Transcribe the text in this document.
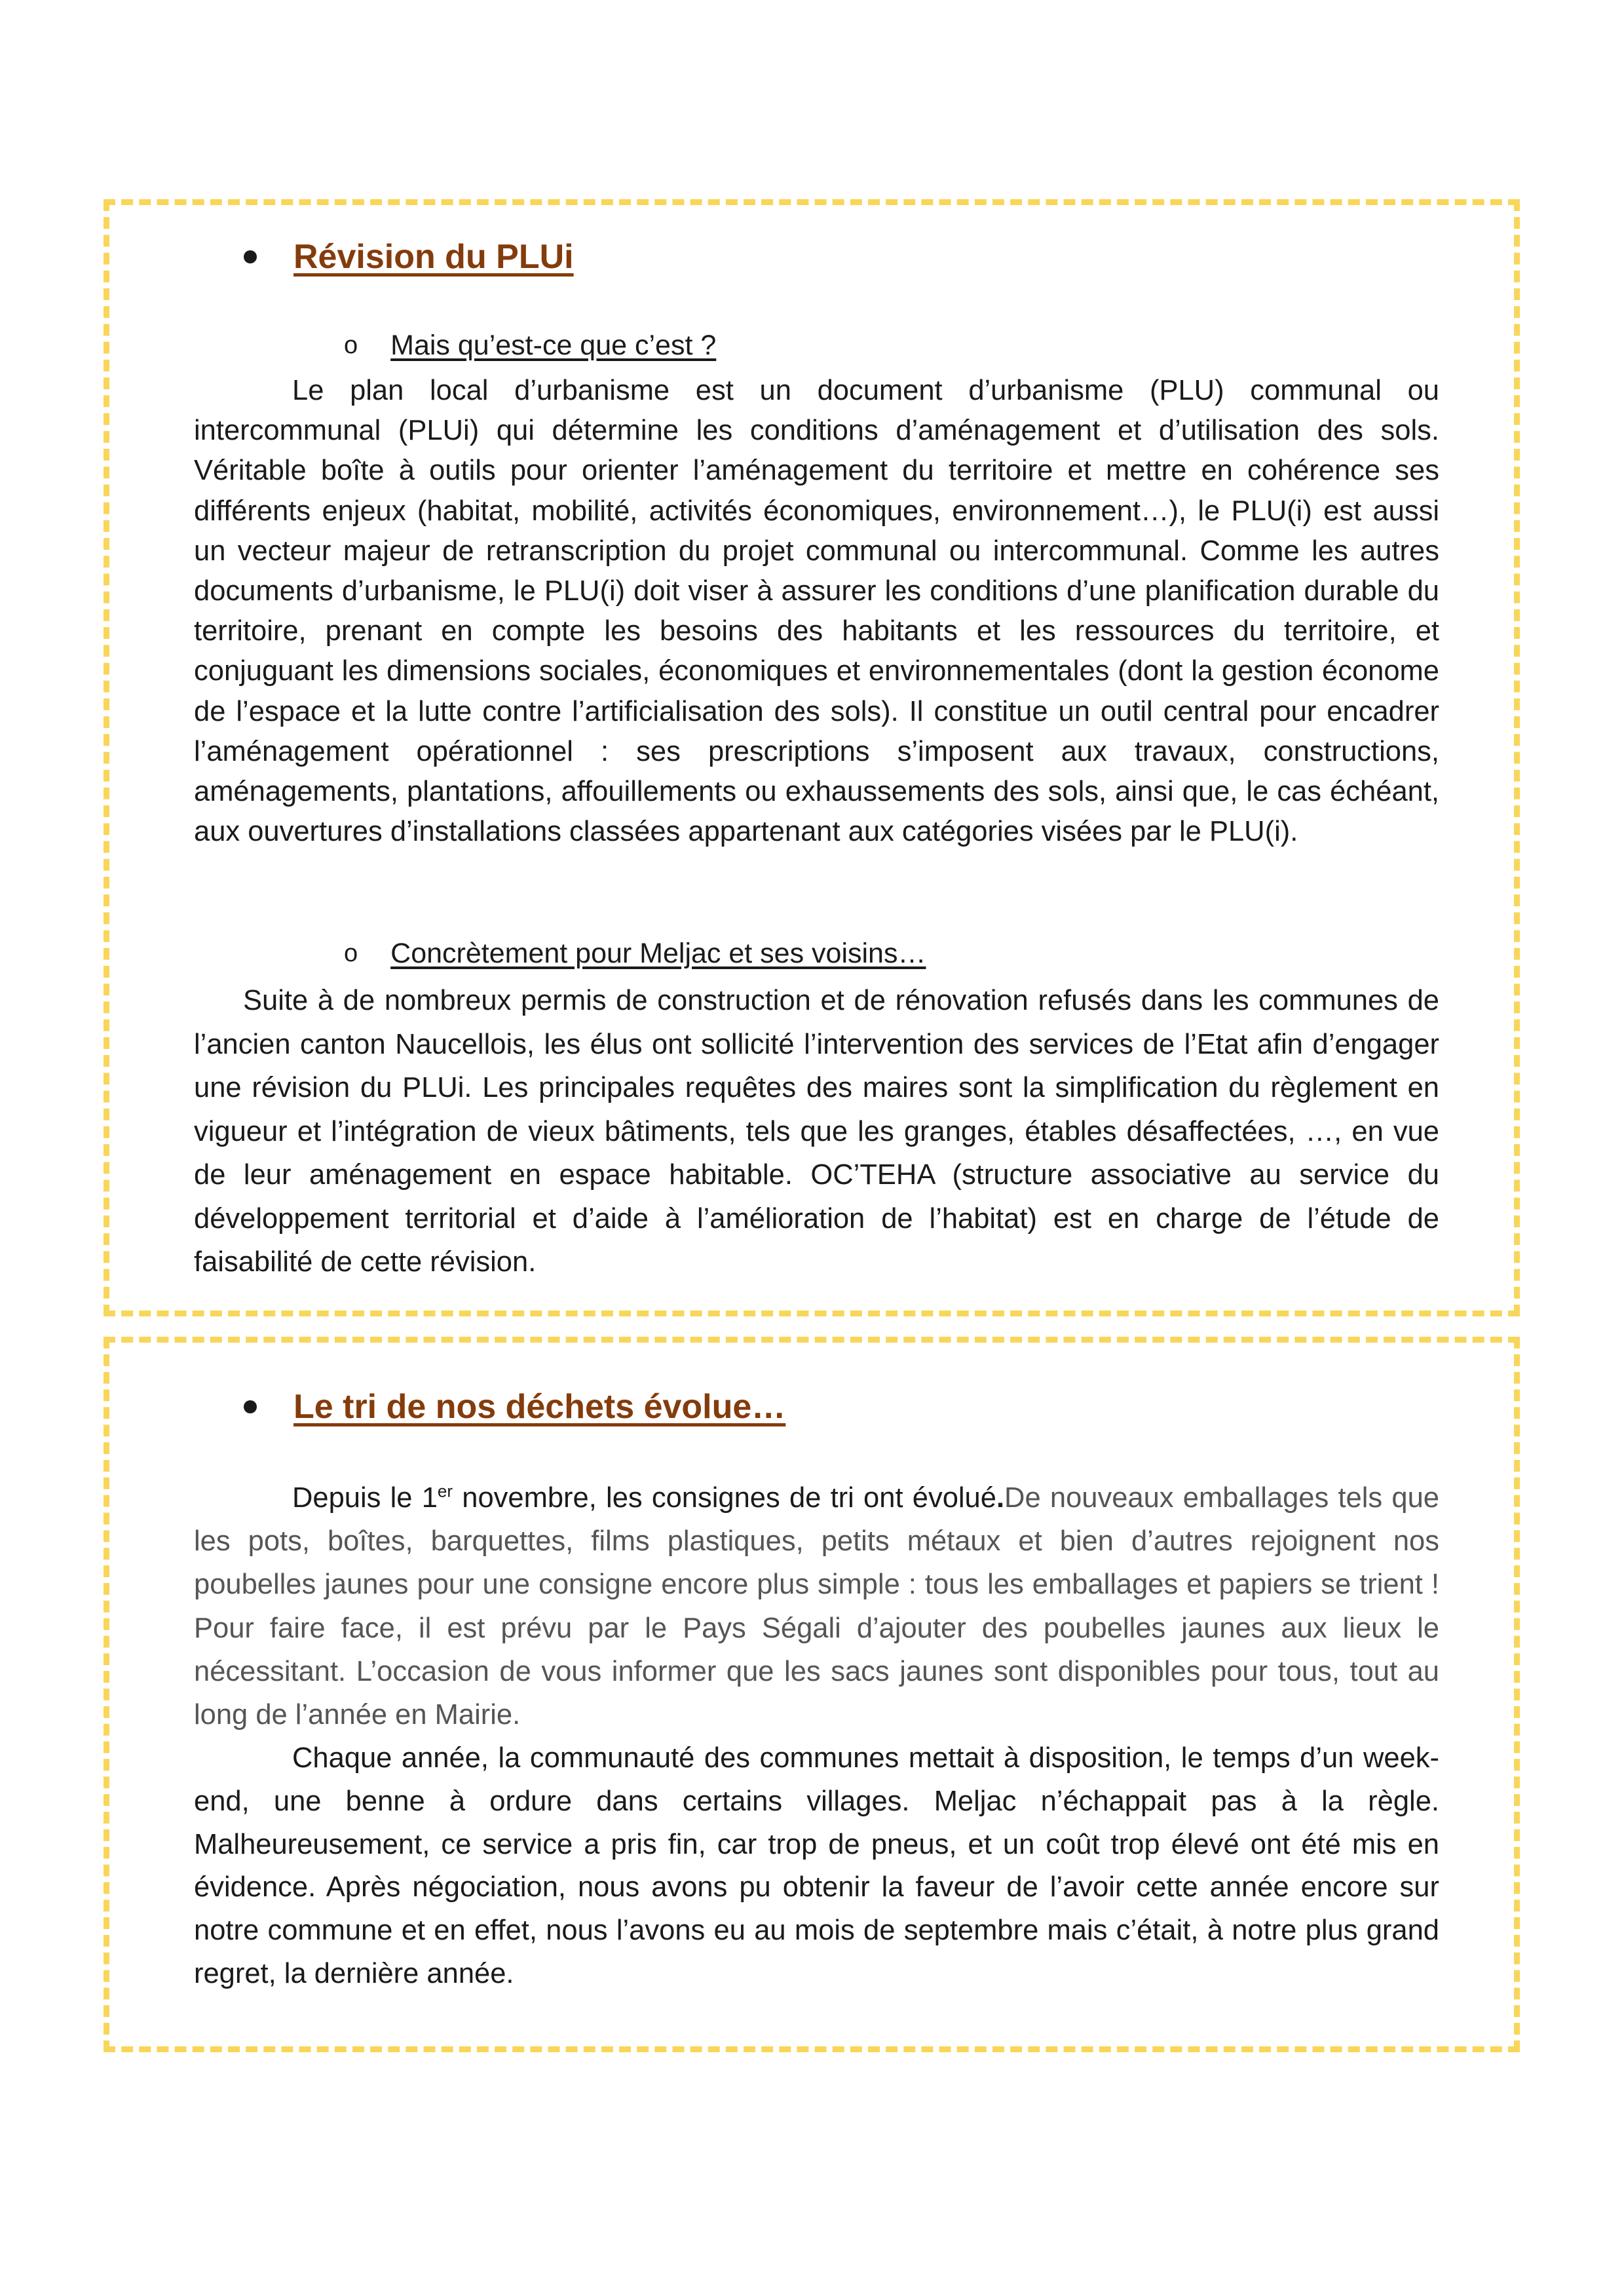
Révision du PLUi
o Mais qu’est-ce que c’est ?

Le plan local d’urbanisme est un document d’urbanisme (PLU) communal ou intercommunal (PLUi) qui détermine les conditions d’aménagement et d’utilisation des sols. Véritable boîte à outils pour orienter l’aménagement du territoire et mettre en cohérence ses différents enjeux (habitat, mobilité, activités économiques, environnement…), le PLU(i) est aussi un vecteur majeur de retranscription du projet communal ou intercommunal. Comme les autres documents d’urbanisme, le PLU(i) doit viser à assurer les conditions d’une planification durable du territoire, prenant en compte les besoins des habitants et les ressources du territoire, et conjuguant les dimensions sociales, économiques et environnementales (dont la gestion économe de l’espace et la lutte contre l’artificialisation des sols). Il constitue un outil central pour encadrer l’aménagement opérationnel : ses prescriptions s’imposent aux travaux, constructions, aménagements, plantations, affouillements ou exhaussements des sols, ainsi que, le cas échéant, aux ouvertures d’installations classées appartenant aux catégories visées par le PLU(i).

o Concrètement pour Meljac et ses voisins…

Suite à de nombreux permis de construction et de rénovation refusés dans les communes de l’ancien canton Naucellois, les élus ont sollicité l’intervention des services de l’Etat afin d’engager une révision du PLUi. Les principales requêtes des maires sont la simplification du règlement en vigueur et l’intégration de vieux bâtiments, tels que les granges, étables désaffectées, …, en vue de leur aménagement en espace habitable. OC’TEHA (structure associative au service du développement territorial et d’aide à l’amélioration de l’habitat) est en charge de l’étude de faisabilité de cette révision.

Le tri de nos déchets évolue…

Depuis le 1er novembre, les consignes de tri ont évolué.De nouveaux emballages tels que les pots, boîtes, barquettes, films plastiques, petits métaux et bien d’autres rejoignent nos poubelles jaunes pour une consigne encore plus simple : tous les emballages et papiers se trient ! Pour faire face, il est prévu par le Pays Ségali d’ajouter des poubelles jaunes aux lieux le nécessitant. L’occasion de vous informer que les sacs jaunes sont disponibles pour tous, tout au long de l’année en Mairie.

Chaque année, la communauté des communes mettait à disposition, le temps d’un week-end, une benne à ordure dans certains villages. Meljac n’échappait pas à la règle. Malheureusement, ce service a pris fin, car trop de pneus, et un coût trop élevé ont été mis en évidence. Après négociation, nous avons pu obtenir la faveur de l’avoir cette année encore sur notre commune et en effet, nous l’avons eu au mois de septembre mais c’était, à notre plus grand regret, la dernière année.
